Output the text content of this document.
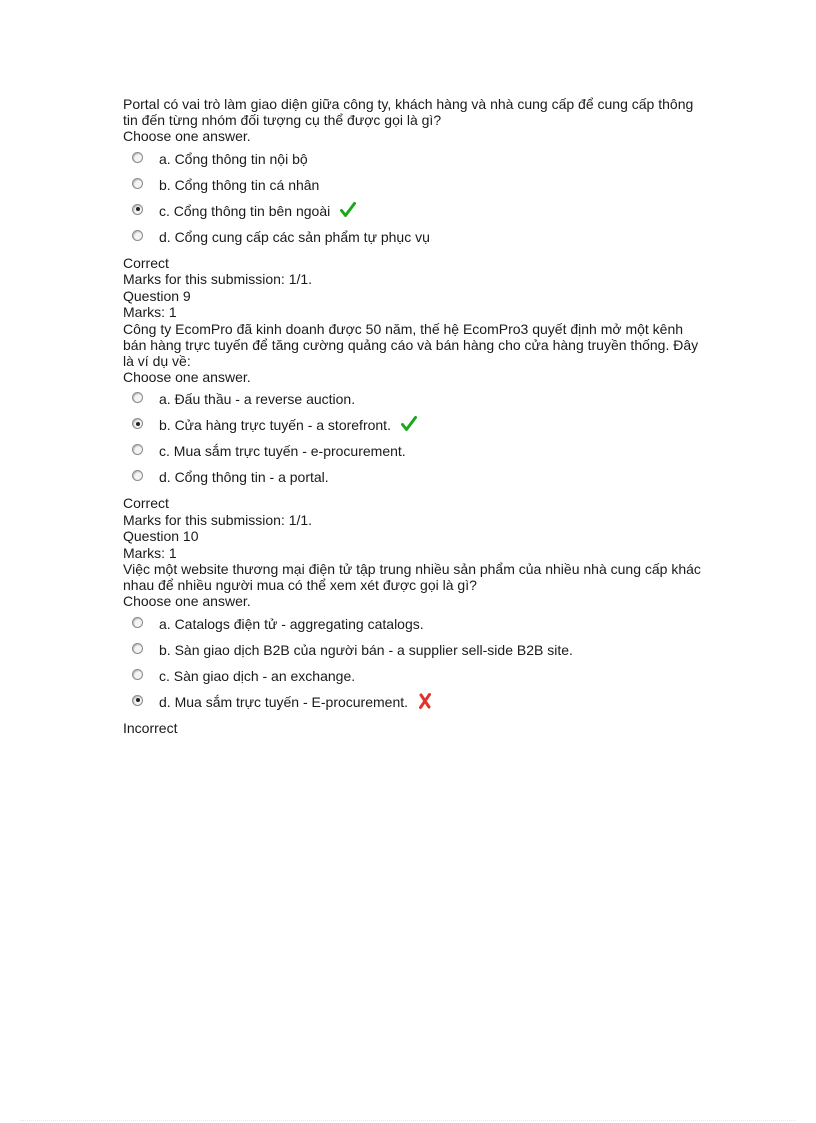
Portal có vai trò làm giao diện giữa công ty, khách hàng và nhà cung cấp để cung cấp thông tin đến từng nhóm đối tượng cụ thể được gọi là gì?

Choose one answer.

a. Cổng thông tin nội bộ
b. Cổng thông tin cá nhân
c. Cổng thông tin bên ngoài
d. Cổng cung cấp các sản phẩm tự phục vụ

Correct

Marks for this submission: 1/1.

Question 9

Marks: 1

Công ty EcomPro đã kinh doanh được 50 năm, thế hệ EcomPro3 quyết định mở một kênh bán hàng trực tuyến để tăng cường quảng cáo và bán hàng cho cửa hàng truyền thống. Đây là ví dụ về:

Choose one answer.

a. Đấu thầu - a reverse auction.
b. Cửa hàng trực tuyến - a storefront.
c. Mua sắm trực tuyến - e-procurement.
d. Cổng thông tin - a portal.

Correct

Marks for this submission: 1/1.

Question 10

Marks: 1

Việc một website thương mại điện tử tập trung nhiều sản phẩm của nhiều nhà cung cấp khác nhau để nhiều người mua có thể xem xét được gọi là gì?

Choose one answer.

a. Catalogs điện tử - aggregating catalogs.
b. Sàn giao dịch B2B của người bán - a supplier sell-side B2B site.
c. Sàn giao dịch - an exchange.
d. Mua sắm trực tuyến - E-procurement.

Incorrect
